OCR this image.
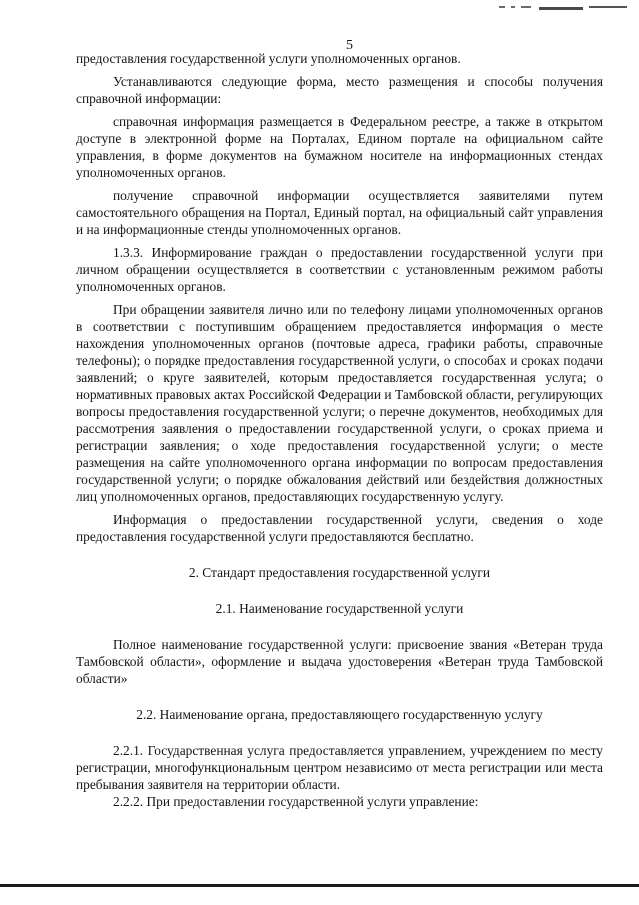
5

предоставления государственной услуги уполномоченных органов.

Устанавливаются следующие форма, место размещения и способы получения справочной информации:

справочная информация размещается в Федеральном реестре, а также в открытом доступе в электронной форме на Порталах, Едином портале на официальном сайте управления, в форме документов на бумажном носителе на информационных стендах уполномоченных органов.

получение справочной информации осуществляется заявителями путем самостоятельного обращения на Портал, Единый портал, на официальный сайт управления и на информационные стенды уполномоченных органов.

1.3.3. Информирование граждан о предоставлении государственной услуги при личном обращении осуществляется в соответствии с установленным режимом работы уполномоченных органов.

При обращении заявителя лично или по телефону лицами уполномоченных органов в соответствии с поступившим обращением предоставляется информация о месте нахождения уполномоченных органов (почтовые адреса, графики работы, справочные телефоны); о порядке предоставления государственной услуги, о способах и сроках подачи заявлений; о круге заявителей, которым предоставляется государственная услуга; о нормативных правовых актах Российской Федерации и Тамбовской области, регулирующих вопросы предоставления государственной услуги; о перечне документов, необходимых для рассмотрения заявления о предоставлении государственной услуги, о сроках приема и регистрации заявления; о ходе предоставления государственной услуги; о месте размещения на сайте уполномоченного органа информации по вопросам предоставления государственной услуги; о порядке обжалования действий или бездействия должностных лиц уполномоченных органов, предоставляющих государственную услугу.

Информация о предоставлении государственной услуги, сведения о ходе предоставления государственной услуги предоставляются бесплатно.

2. Стандарт предоставления государственной услуги

2.1. Наименование государственной услуги

Полное наименование государственной услуги: присвоение звания «Ветеран труда Тамбовской области», оформление и выдача удостоверения «Ветеран труда Тамбовской области»

2.2. Наименование органа, предоставляющего государственную услугу

2.2.1. Государственная услуга предоставляется управлением, учреждением по месту регистрации, многофункциональным центром независимо от места регистрации или места пребывания заявителя на территории области.

2.2.2. При предоставлении государственной услуги управление:
